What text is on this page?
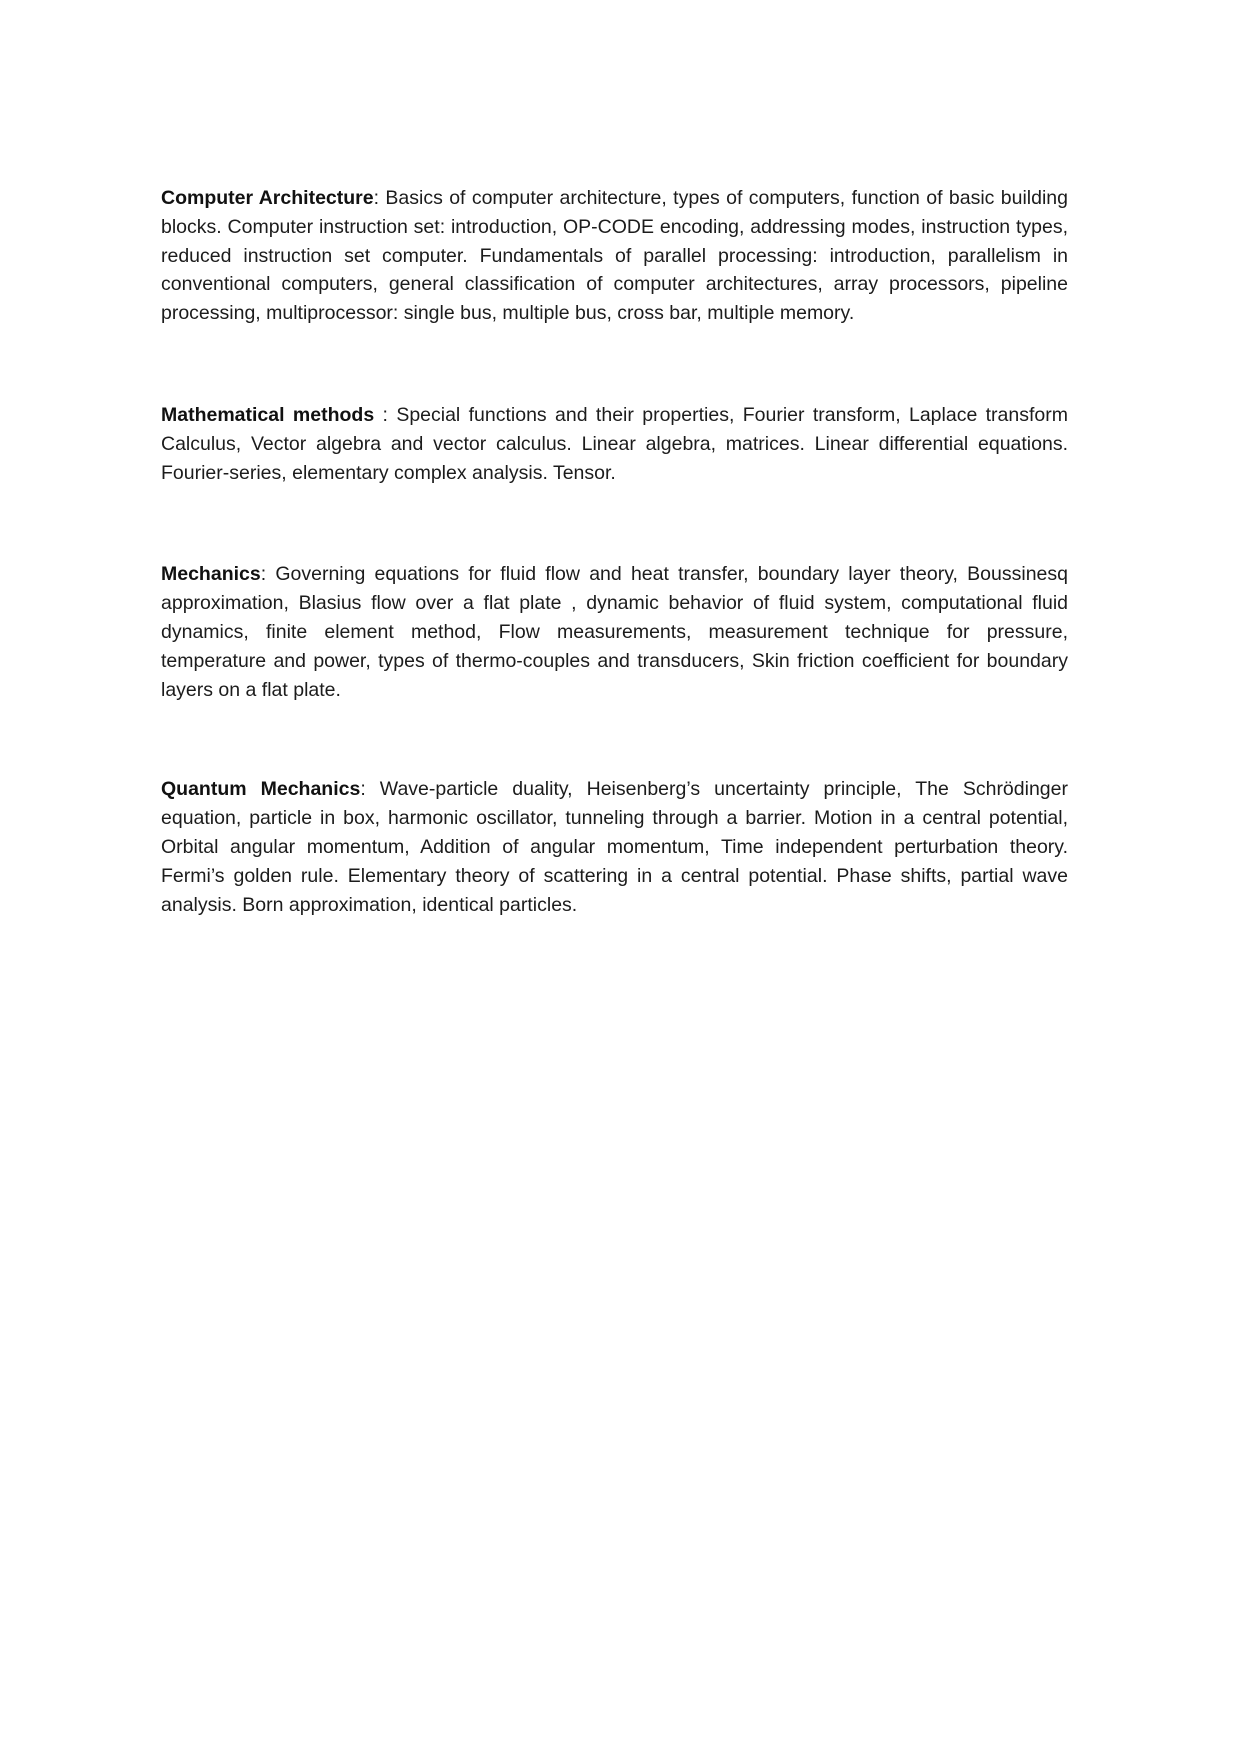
Computer Architecture: Basics of computer architecture, types of computers, function of basic building blocks. Computer instruction set: introduction, OP-CODE encoding, addressing modes, instruction types, reduced instruction set computer. Fundamentals of parallel processing: introduction, parallelism in conventional computers, general classification of computer architectures, array processors, pipeline processing, multiprocessor: single bus, multiple bus, cross bar, multiple memory.

Mathematical methods : Special functions and their properties, Fourier transform, Laplace transform Calculus, Vector algebra and vector calculus. Linear algebra, matrices. Linear differential equations. Fourier-series, elementary complex analysis. Tensor.

Mechanics: Governing equations for fluid flow and heat transfer, boundary layer theory, Boussinesq approximation, Blasius flow over a flat plate , dynamic behavior of fluid system, computational fluid dynamics, finite element method, Flow measurements, measurement technique for pressure, temperature and power, types of thermo-couples and transducers, Skin friction coefficient for boundary layers on a flat plate.

Quantum Mechanics: Wave-particle duality, Heisenberg’s uncertainty principle, The Schrödinger equation, particle in box, harmonic oscillator, tunneling through a barrier. Motion in a central potential, Orbital angular momentum, Addition of angular momentum, Time independent perturbation theory. Fermi’s golden rule. Elementary theory of scattering in a central potential. Phase shifts, partial wave analysis. Born approximation, identical particles.
